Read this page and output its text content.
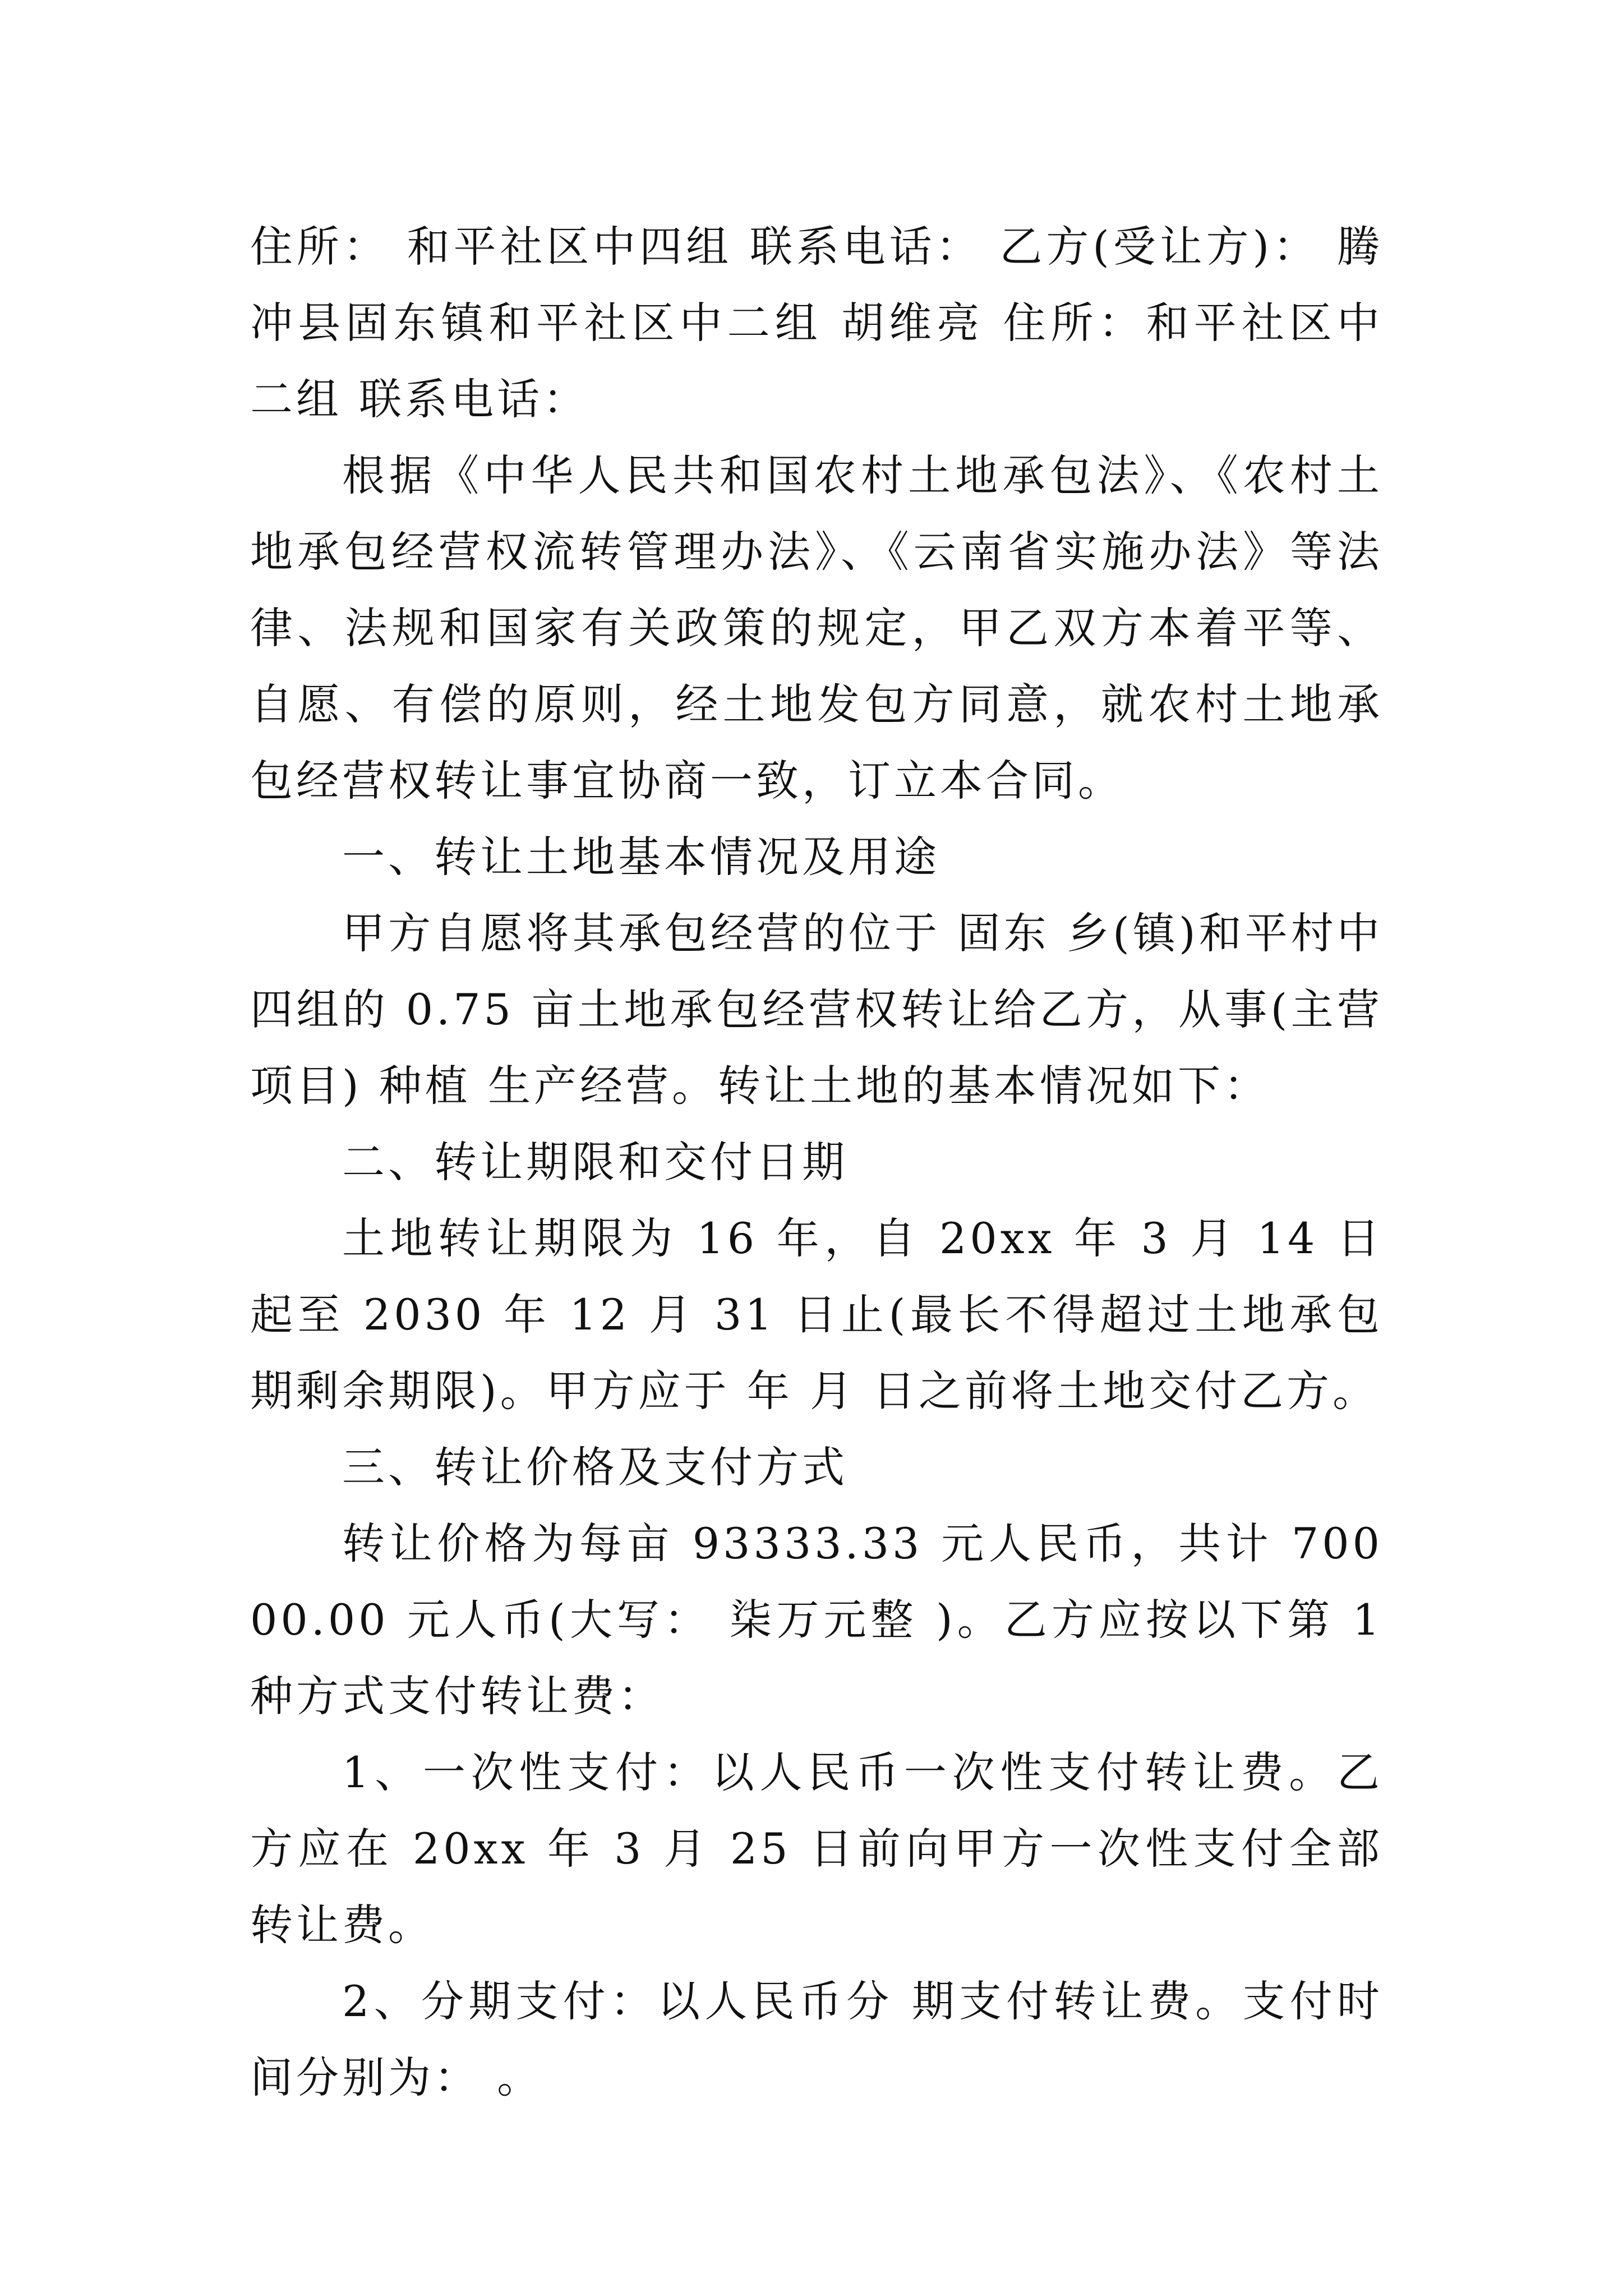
住所： 和平社区中四组 联系电话： 乙方(受让方)： 腾冲县固东镇和平社区中二组 胡维亮 住所：和平社区中二组 联系电话：

根据《中华人民共和国农村土地承包法》、《农村土地承包经营权流转管理办法》、《云南省实施办法》等法律、法规和国家有关政策的规定，甲乙双方本着平等、自愿、有偿的原则，经土地发包方同意，就农村土地承包经营权转让事宜协商一致，订立本合同。

一、转让土地基本情况及用途

甲方自愿将其承包经营的位于 固东 乡(镇)和平村中四组的 0.75 亩土地承包经营权转让给乙方，从事(主营项目) 种植 生产经营。转让土地的基本情况如下：

二、转让期限和交付日期

土地转让期限为 16 年，自 20xx 年 3 月 14 日起至 2030 年 12 月 31 日止(最长不得超过土地承包期剩余期限)。甲方应于 年 月 日之前将土地交付乙方。

三、转让价格及支付方式

转让价格为每亩 93333.33 元人民币，共计 70000.00 元人币(大写： 柒万元整 )。乙方应按以下第 1 种方式支付转让费：

1、一次性支付：以人民币一次性支付转让费。乙方应在 20xx 年 3 月 25 日前向甲方一次性支付全部转让费。

2、分期支付：以人民币分 期支付转让费。支付时间分别为： 。
